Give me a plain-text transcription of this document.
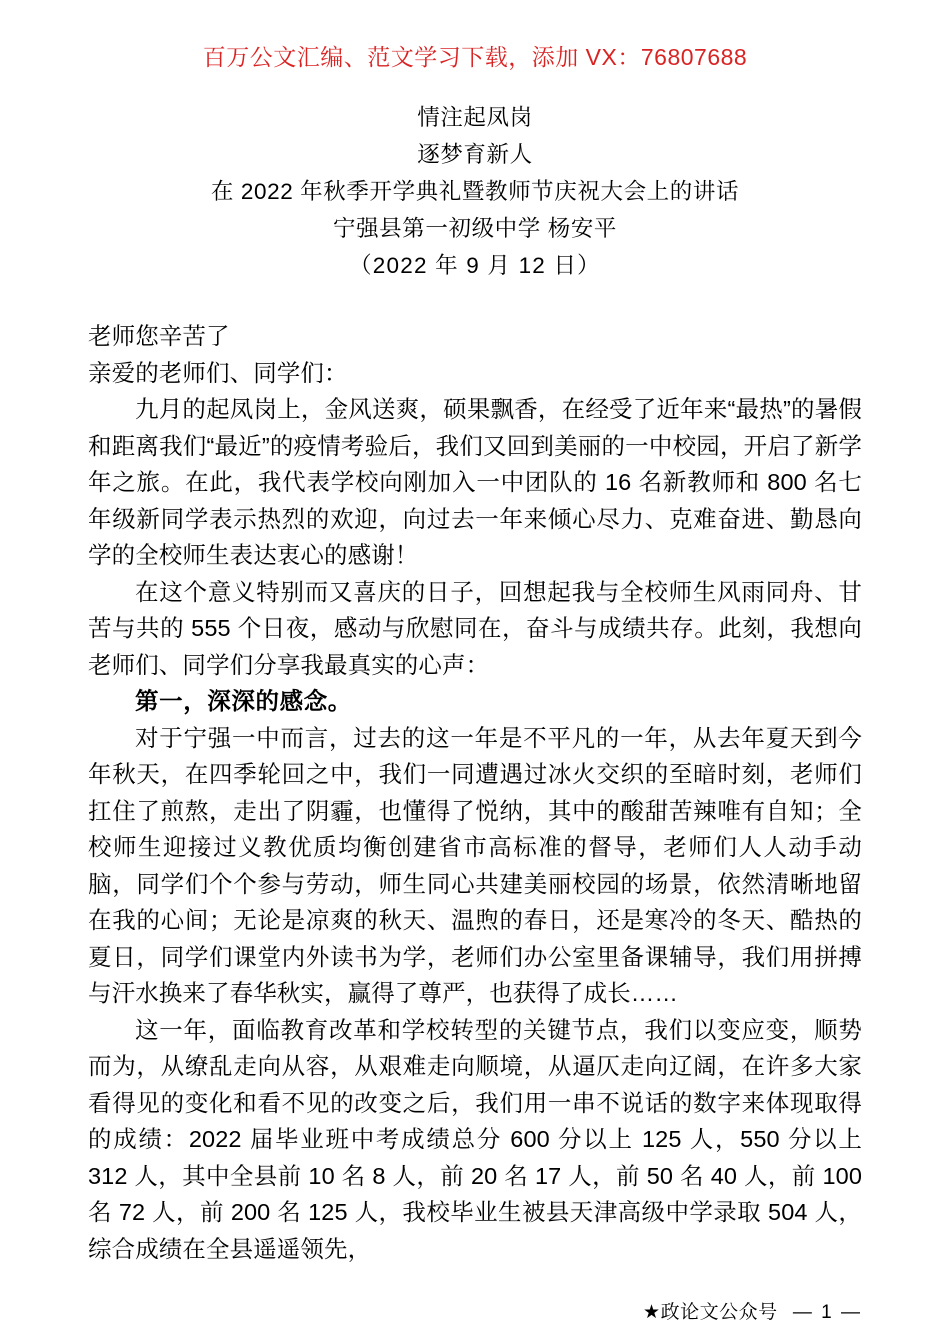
百万公文汇编、范文学习下载，添加 VX：76807688
情注起凤岗
逐梦育新人
在 2022 年秋季开学典礼暨教师节庆祝大会上的讲话
宁强县第一初级中学 杨安平
（2022 年 9 月 12 日）

老师您辛苦了

亲爱的老师们、同学们：

九月的起凤岗上，金风送爽，硕果飘香，在经受了近年来“最热”的暑假和距离我们“最近”的疫情考验后，我们又回到美丽的一中校园，开启了新学年之旅。在此，我代表学校向刚加入一中团队的 16 名新教师和 800 名七年级新同学表示热烈的欢迎，向过去一年来倾心尽力、克难奋进、勤恳向学的全校师生表达衷心的感谢！

在这个意义特别而又喜庆的日子，回想起我与全校师生风雨同舟、甘苦与共的 555 个日夜，感动与欣慰同在，奋斗与成绩共存。此刻，我想向老师们、同学们分享我最真实的心声：

第一，深深的感念。

对于宁强一中而言，过去的这一年是不平凡的一年，从去年夏天到今年秋天，在四季轮回之中，我们一同遭遇过冰火交织的至暗时刻，老师们扛住了煎熬，走出了阴霾，也懂得了悦纳，其中的酸甜苦辣唯有自知；全校师生迎接过义教优质均衡创建省市高标准的督导，老师们人人动手动脑，同学们个个参与劳动，师生同心共建美丽校园的场景，依然清晰地留在我的心间；无论是凉爽的秋天、温煦的春日，还是寒冷的冬天、酷热的夏日，同学们课堂内外读书为学，老师们办公室里备课辅导，我们用拼搏与汗水换来了春华秋实，赢得了尊严，也获得了成长……

这一年，面临教育改革和学校转型的关键节点，我们以变应变，顺势而为，从缭乱走向从容，从艰难走向顺境，从逼仄走向辽阔，在许多大家看得见的变化和看不见的改变之后，我们用一串不说话的数字来体现取得的成绩：2022 届毕业班中考成绩总分 600 分以上 125 人，550 分以上 312 人，其中全县前 10 名 8 人，前 20 名 17 人，前 50 名 40 人，前 100 名 72 人，前 200 名 125 人，我校毕业生被县天津高级中学录取 504 人，综合成绩在全县遥遥领先，

★政论文公众号 — 1 —
